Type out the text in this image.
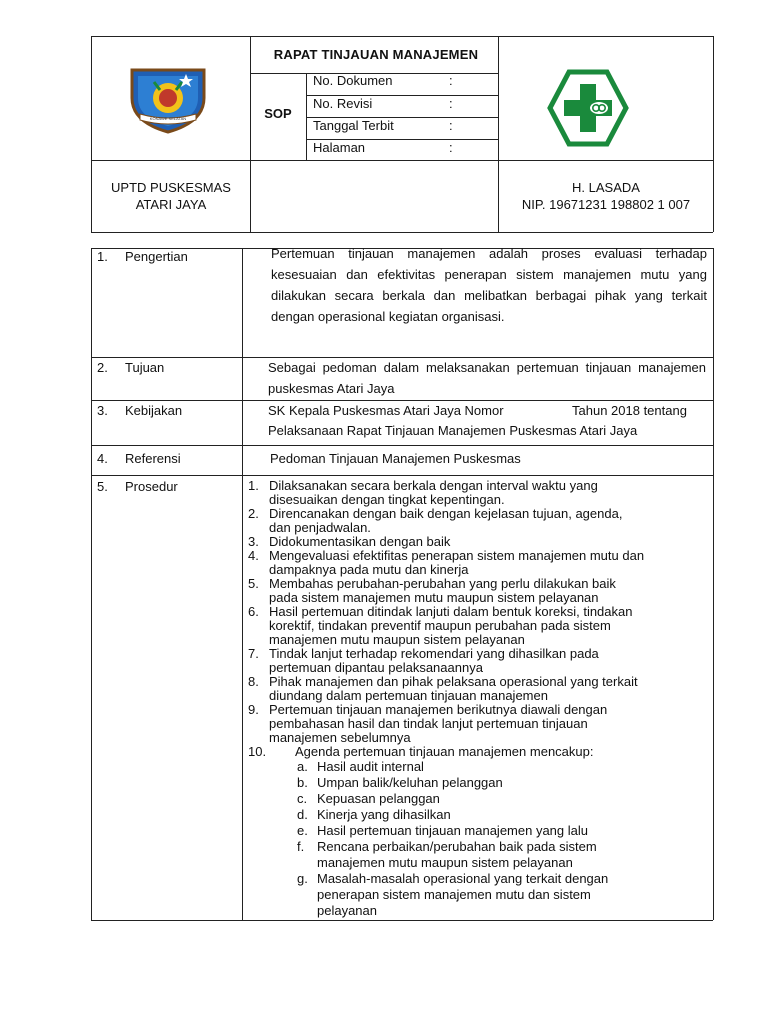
KONAWE SELATAN
RAPAT TINJAUAN MANAJEMEN
SOP
No. Dokumen	:
No. Revisi	:
Tanggal Terbit	:
Halaman	:
UPTD PUSKESMAS
ATARI JAYA
H. LASADA
NIP. 19671231 198802 1 007
1. Pengertian	Pertemuan tinjauan manajemen adalah proses evaluasi terhadap kesesuaian dan efektivitas penerapan sistem manajemen mutu yang dilakukan secara berkala dan melibatkan berbagai pihak yang terkait dengan operasional kegiatan organisasi.
2. Tujuan	Sebagai pedoman dalam melaksanakan pertemuan tinjauan manajemen puskesmas Atari Jaya
3. Kebijakan	SK Kepala Puskesmas Atari Jaya Nomor	Tahun 2018 tentang
Pelaksanaan Rapat Tinjauan Manajemen Puskesmas Atari Jaya
4. Referensi	Pedoman Tinjauan Manajemen Puskesmas
5. Prosedur	1. Dilaksanakan secara berkala dengan interval waktu yang
disesuaikan dengan tingkat kepentingan.
2. Direncanakan dengan baik dengan kejelasan tujuan, agenda,
dan penjadwalan.
3. Didokumentasikan dengan baik
4. Mengevaluasi efektifitas penerapan sistem manajemen mutu dan
dampaknya pada mutu dan kinerja
5. Membahas perubahan-perubahan yang perlu dilakukan baik
pada sistem manajemen mutu maupun sistem pelayanan
6. Hasil pertemuan ditindak lanjuti dalam bentuk koreksi, tindakan
korektif, tindakan preventif maupun perubahan pada sistem
manajemen mutu maupun sistem pelayanan
7. Tindak lanjut terhadap rekomendari yang dihasilkan pada
pertemuan dipantau pelaksanaannya
8. Pihak manajemen dan pihak pelaksana operasional yang terkait
diundang dalam pertemuan tinjauan manajemen
9. Pertemuan tinjauan manajemen berikutnya diawali dengan
pembahasan hasil dan tindak lanjut pertemuan tinjauan
manajemen sebelumnya
10. Agenda pertemuan tinjauan manajemen mencakup:
a. Hasil audit internal
b. Umpan balik/keluhan pelanggan
c. Kepuasan pelanggan
d. Kinerja yang dihasilkan
e. Hasil pertemuan tinjauan manajemen yang lalu
f. Rencana perbaikan/perubahan baik pada sistem
manajemen mutu maupun sistem pelayanan
g. Masalah-masalah operasional yang terkait dengan
penerapan sistem manajemen mutu dan sistem
pelayanan
